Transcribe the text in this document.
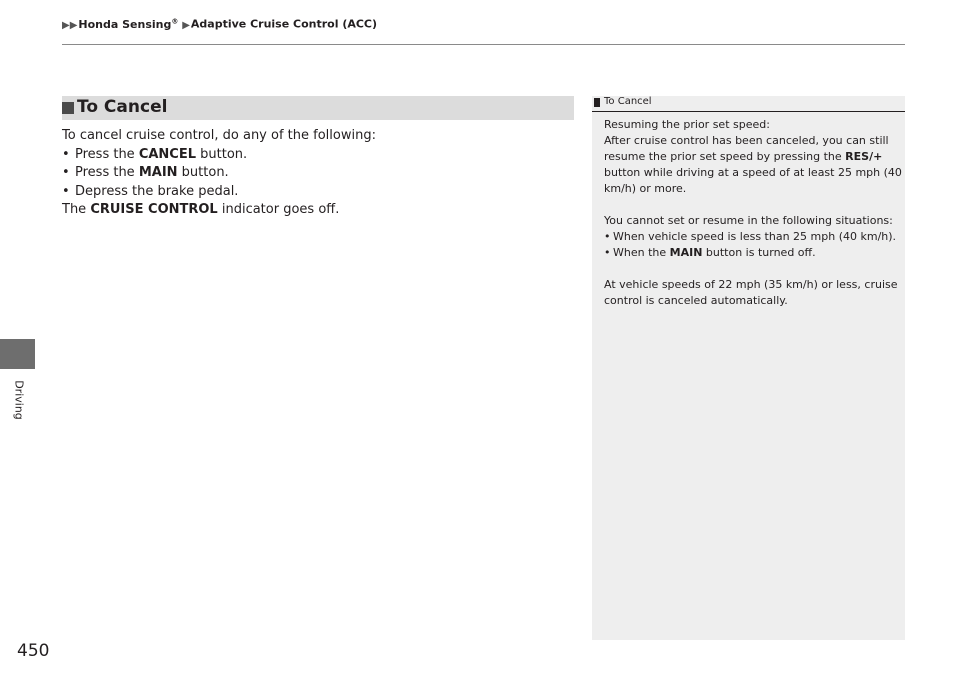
▶▶Honda Sensing® ▶Adaptive Cruise Control (ACC)
Driving
450
To Cancel

To cancel cruise control, do any of the following:

• Press the CANCEL button.
• Press the MAIN button.
• Depress the brake pedal.

The CRUISE CONTROL indicator goes off.

To Cancel

Resuming the prior set speed:

After cruise control has been canceled, you can still resume the prior set speed by pressing the RES/+ button while driving at a speed of at least 25 mph (40 km/h) or more.

You cannot set or resume in the following situations:

• When vehicle speed is less than 25 mph (40 km/h).

• When the MAIN button is turned off.

At vehicle speeds of 22 mph (35 km/h) or less, cruise control is canceled automatically.
